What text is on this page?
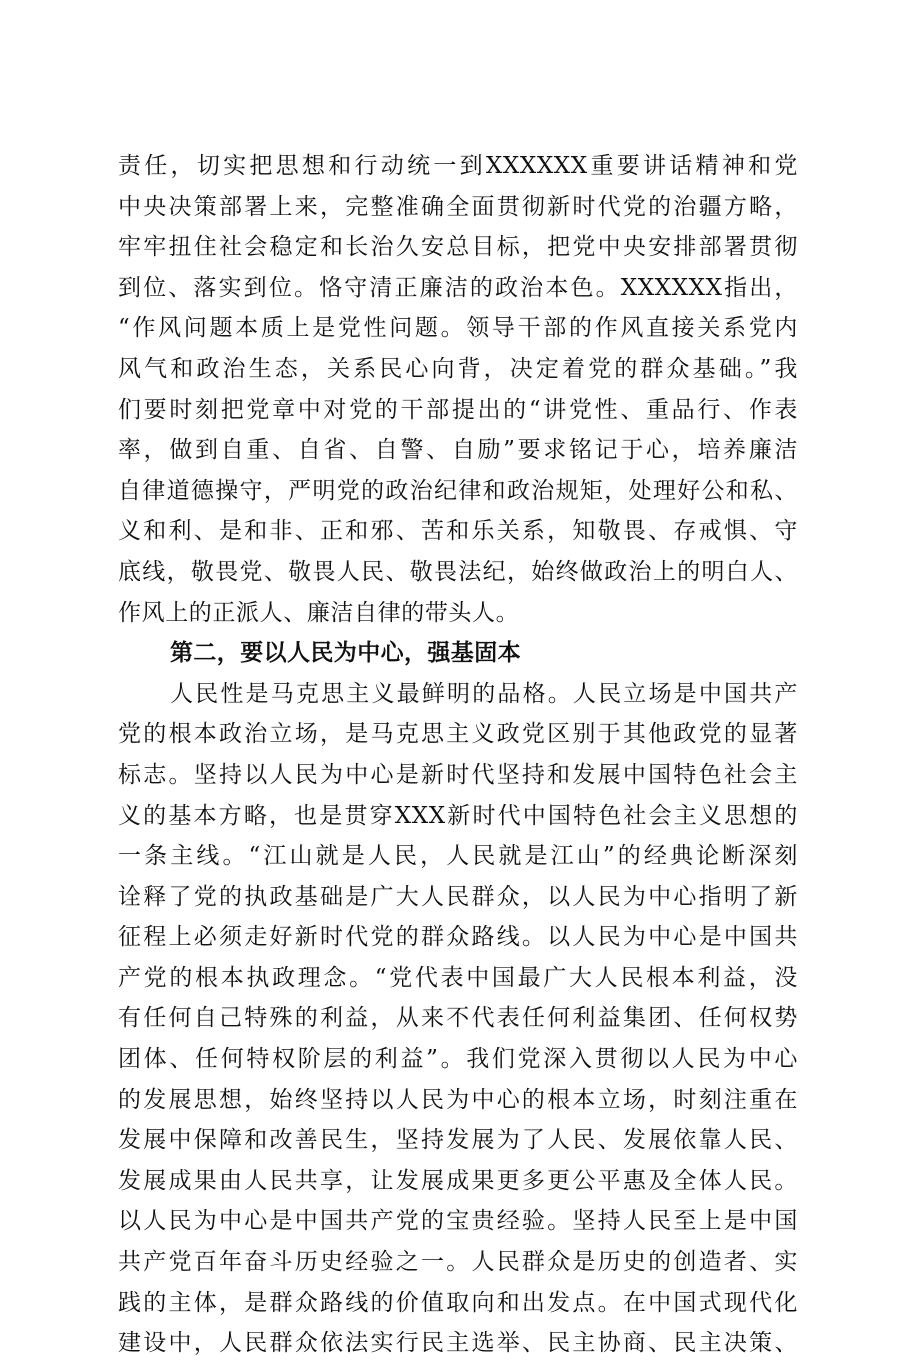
责任，切实把思想和行动统一到XXXXXX重要讲话精神和党
中央决策部署上来，完整准确全面贯彻新时代党的治疆方略，
牢牢扭住社会稳定和长治久安总目标，把党中央安排部署贯彻
到位、落实到位。恪守清正廉洁的政治本色。XXXXXX指出，
“作风问题本质上是党性问题。领导干部的作风直接关系党内
风气和政治生态，关系民心向背，决定着党的群众基础。”我
们要时刻把党章中对党的干部提出的“讲党性、重品行、作表
率，做到自重、自省、自警、自励”要求铭记于心，培养廉洁
自律道德操守，严明党的政治纪律和政治规矩，处理好公和私、
义和利、是和非、正和邪、苦和乐关系，知敬畏、存戒惧、守
底线，敬畏党、敬畏人民、敬畏法纪，始终做政治上的明白人、
作风上的正派人、廉洁自律的带头人。
第二，要以人民为中心，强基固本
人民性是马克思主义最鲜明的品格。人民立场是中国共产
党的根本政治立场，是马克思主义政党区别于其他政党的显著
标志。坚持以人民为中心是新时代坚持和发展中国特色社会主
义的基本方略，也是贯穿XXX新时代中国特色社会主义思想的
一条主线。“江山就是人民，人民就是江山”的经典论断深刻
诠释了党的执政基础是广大人民群众，以人民为中心指明了新
征程上必须走好新时代党的群众路线。以人民为中心是中国共
产党的根本执政理念。“党代表中国最广大人民根本利益，没
有任何自己特殊的利益，从来不代表任何利益集团、任何权势
团体、任何特权阶层的利益”。我们党深入贯彻以人民为中心
的发展思想，始终坚持以人民为中心的根本立场，时刻注重在
发展中保障和改善民生，坚持发展为了人民、发展依靠人民、
发展成果由人民共享，让发展成果更多更公平惠及全体人民。
以人民为中心是中国共产党的宝贵经验。坚持人民至上是中国
共产党百年奋斗历史经验之一。人民群众是历史的创造者、实
践的主体，是群众路线的价值取向和出发点。在中国式现代化
建设中，人民群众依法实行民主选举、民主协商、民主决策、
